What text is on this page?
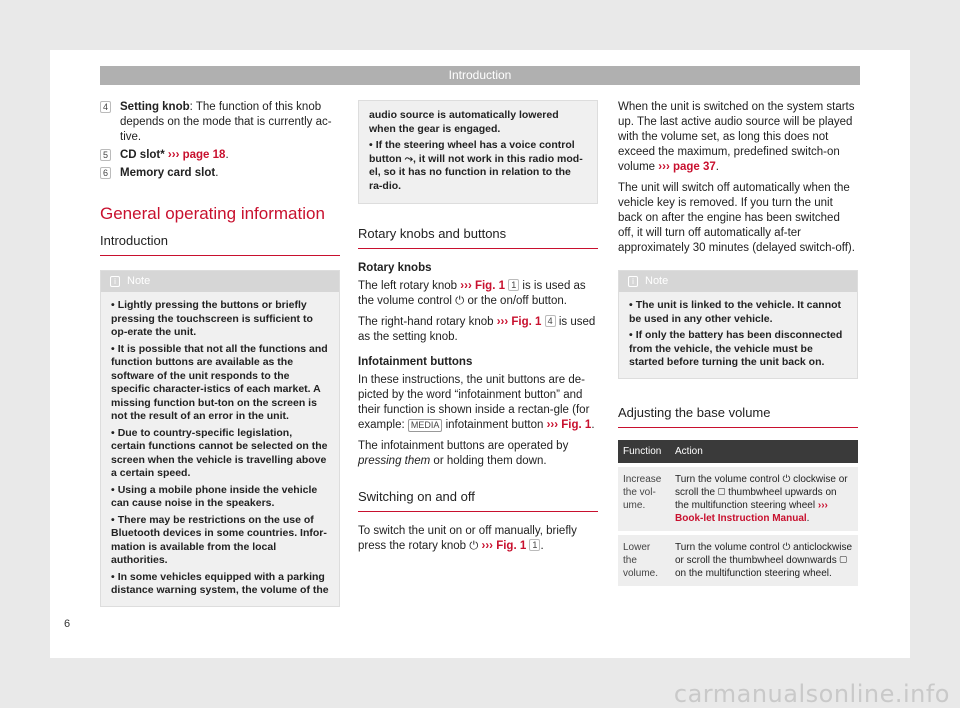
Introduction
4 Setting knob: The function of this knob depends on the mode that is currently ac-tive.
5 CD slot* ››› page 18.
6 Memory card slot.
General operating information
Introduction
i	Note
• Lightly pressing the buttons or briefly pressing the touchscreen is sufficient to op-erate the unit.
• It is possible that not all the functions and function buttons are available as the software of the unit responds to the specific character-istics of each market. A missing function but-ton on the screen is not the result of an error in the unit.
• Due to country-specific legislation, certain functions cannot be selected on the screen when the vehicle is travelling above a certain speed.
• Using a mobile phone inside the vehicle can cause noise in the speakers.
• There may be restrictions on the use of Bluetooth devices in some countries. Infor-mation is available from the local authorities.
• In some vehicles equipped with a parking distance warning system, the volume of the
audio source is automatically lowered when the gear is engaged.
• If the steering wheel has a voice control button ⤳, it will not work in this radio mod-el, so it has no function in relation to the ra-dio.
Rotary knobs and buttons

Rotary knobs

The left rotary knob ››› Fig. 1 1 is is used as the volume control ⏻ or the on/off button.

The right-hand rotary knob ››› Fig. 1 4 is used as the setting knob.

Infotainment buttons

In these instructions, the unit buttons are de-picted by the word “infotainment button” and their function is shown inside a rectan-gle (for example: MEDIA infotainment button ››› Fig. 1.

The infotainment buttons are operated by pressing them or holding them down.

Switching on and off

To switch the unit on or off manually, briefly press the rotary knob ⏻ ››› Fig. 1 1 .

When the unit is switched on the system starts up. The last active audio source will be played with the volume set, as long this does not exceed the maximum, predefined switch-on volume ››› page 37.

The unit will switch off automatically when the vehicle key is removed. If you turn the unit back on after the engine has been switched off, it will turn off automatically af-ter approximately 30 minutes (delayed switch-off).

i	Note
• The unit is linked to the vehicle. It cannot be used in any other vehicle.
• If only the battery has been disconnected from the vehicle, the vehicle must be started before turning the unit back on.
Adjusting the base volume
Function	Action
Increase the vol-ume.	Turn the volume control ⏻ clockwise or scroll the ▢ thumbwheel upwards on the multifunction steering wheel ››› Book-let Instruction Manual.
Lower the volume.	Turn the volume control ⏻ anticlockwise or scroll the thumbwheel downwards ▢ on the multifunction steering wheel.
6
carmanualsonline.info
